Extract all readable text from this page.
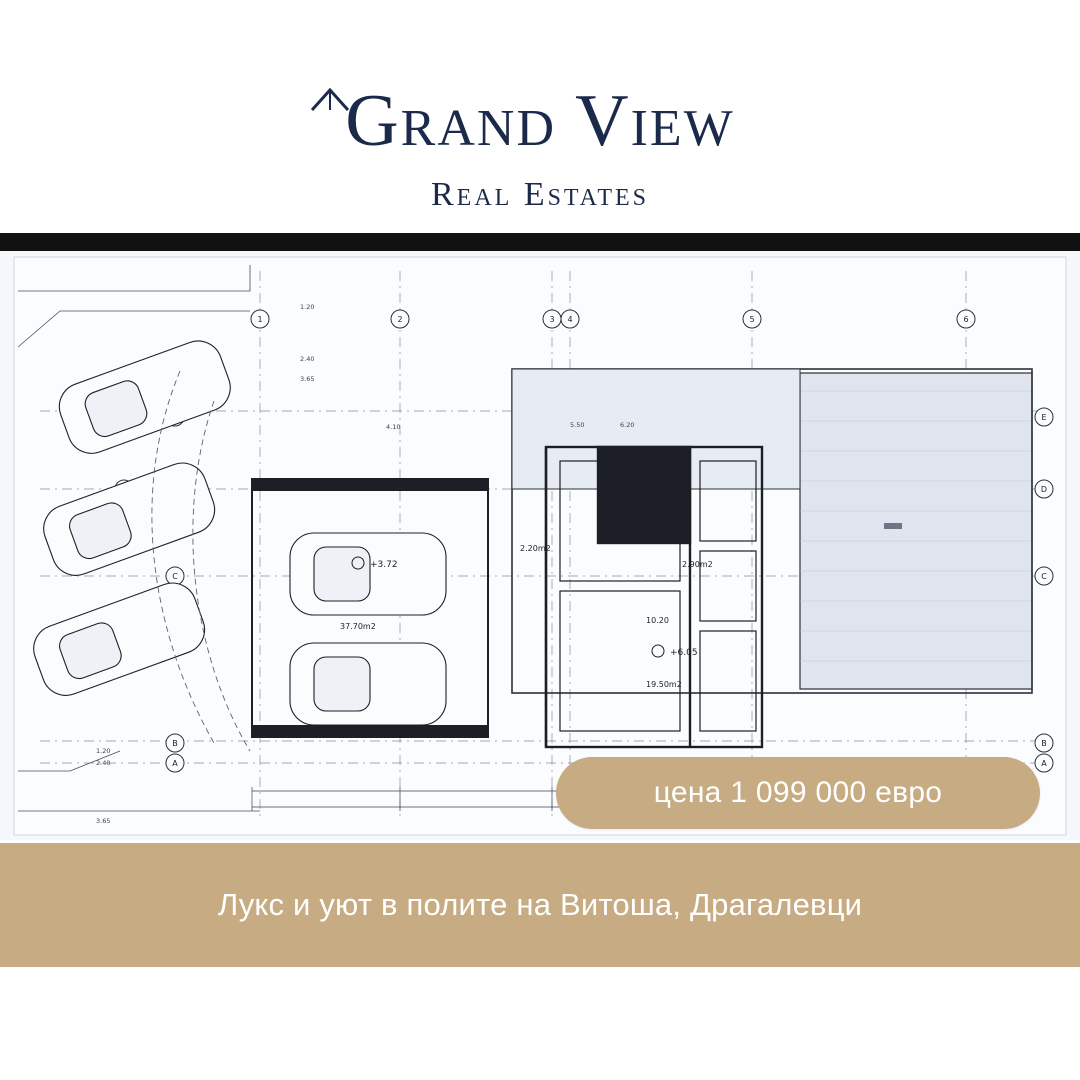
Grand View
Real Estates
1	2	3 4	5	6
C
B
A
E
D
C
B
A
+3.72
37.70m2
+6.05
19.50m2
10.20
2.90m2
2.20m2
1.20
2.40
3.65
4.10	5.50	6.20
1.20
2.40
3.65
цена 1 099 000 евро
Лукс и уют в полите на Витоша, Драгалевци
